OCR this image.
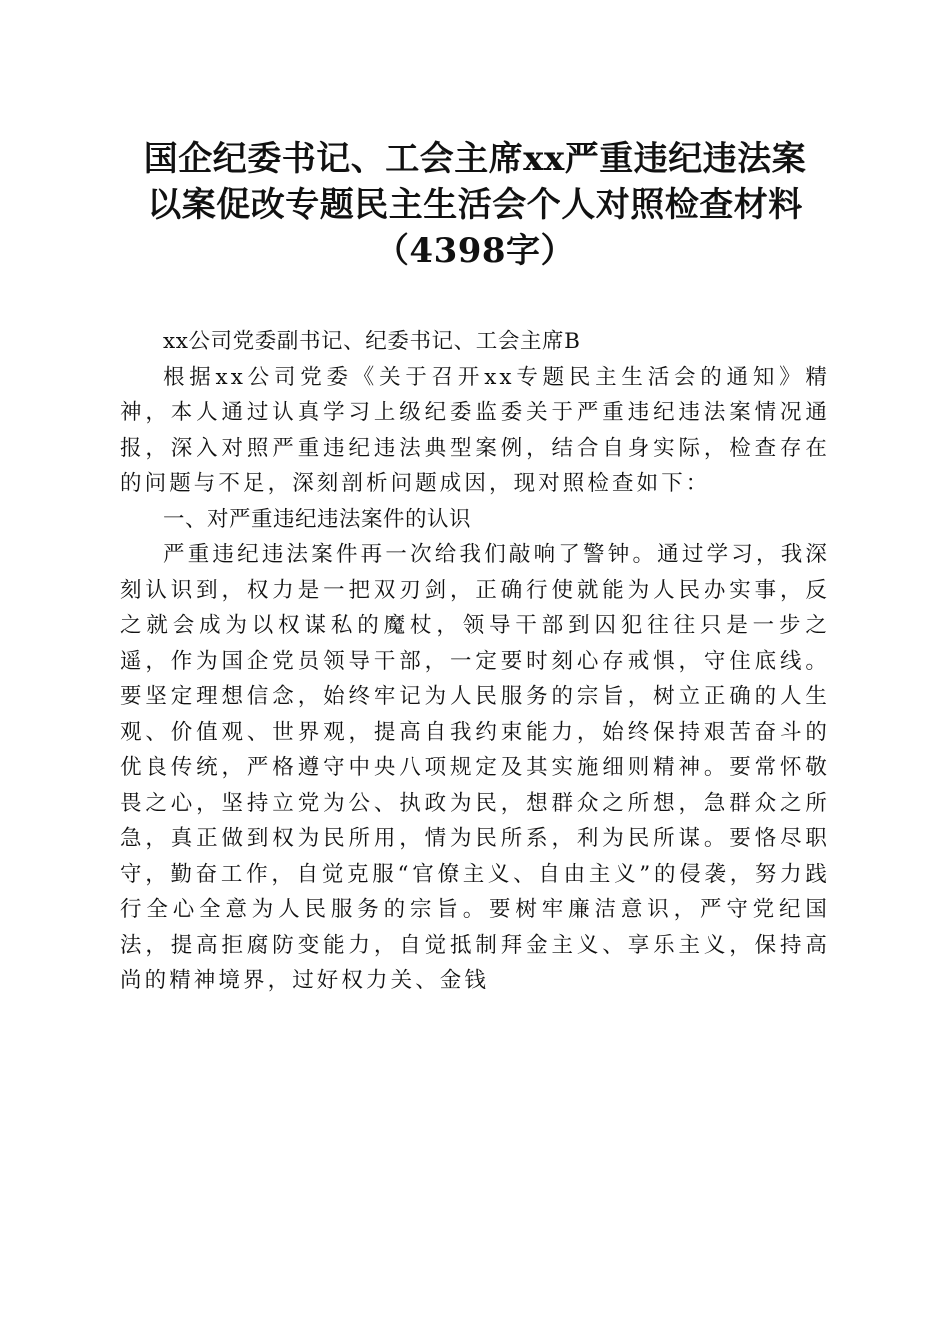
国企纪委书记、工会主席xx严重违纪违法案
以案促改专题民主生活会个人对照检查材料
（4398字）

xx公司党委副书记、纪委书记、工会主席B

根据xx公司党委《关于召开xx专题民主生活会的通知》精神，本人通过认真学习上级纪委监委关于严重违纪违法案情况通报，深入对照严重违纪违法典型案例，结合自身实际，检查存在的问题与不足，深刻剖析问题成因，现对照检查如下：

一、对严重违纪违法案件的认识

严重违纪违法案件再一次给我们敲响了警钟。通过学习，我深刻认识到，权力是一把双刃剑，正确行使就能为人民办实事，反之就会成为以权谋私的魔杖，领导干部到囚犯往往只是一步之遥，作为国企党员领导干部，一定要时刻心存戒惧，守住底线。要坚定理想信念，始终牢记为人民服务的宗旨，树立正确的人生观、价值观、世界观，提高自我约束能力，始终保持艰苦奋斗的优良传统，严格遵守中央八项规定及其实施细则精神。要常怀敬畏之心，坚持立党为公、执政为民，想群众之所想，急群众之所急，真正做到权为民所用，情为民所系，利为民所谋。要恪尽职守，勤奋工作，自觉克服“官僚主义、自由主义”的侵袭，努力践行全心全意为人民服务的宗旨。要树牢廉洁意识，严守党纪国法，提高拒腐防变能力，自觉抵制拜金主义、享乐主义，保持高尚的精神境界，过好权力关、金钱
